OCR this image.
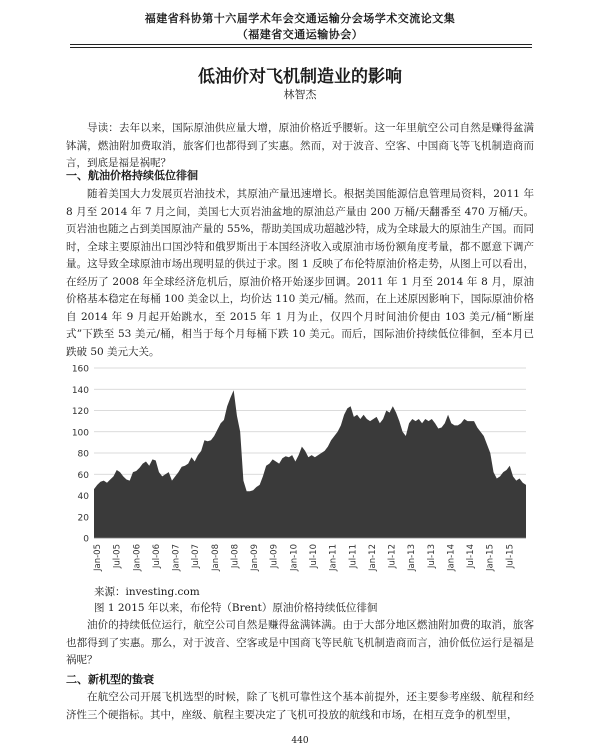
福建省科协第十六届学术年会交通运输分会场学术交流论文集
（福建省交通运输协会）
低油价对飞机制造业的影响
林智杰

导读：去年以来，国际原油供应量大增，原油价格近乎腰斩。这一年里航空公司自然是赚得盆满钵满，燃油附加费取消，旅客们也都得到了实惠。然而，对于波音、空客、中国商飞等飞机制造商而言，到底是福是祸呢？

一、航油价格持续低位徘徊

随着美国大力发展页岩油技术，其原油产量迅速增长。根据美国能源信息管理局资料，2011 年 8 月至 2014 年 7 月之间，美国七大页岩油盆地的原油总产量由 200 万桶/天翻番至 470 万桶/天。页岩油也随之占到美国原油产量的 55%，帮助美国成功超越沙特，成为全球最大的原油生产国。而同时，全球主要原油出口国沙特和俄罗斯出于本国经济收入或原油市场份额角度考量，都不愿意下调产量。这导致全球原油市场出现明显的供过于求。图 1 反映了布伦特原油价格走势，从图上可以看出，在经历了 2008 年全球经济危机后，原油价格开始逐步回调。2011 年 1 月至 2014 年 8 月，原油价格基本稳定在每桶 100 美金以上，均价达 110 美元/桶。然而，在上述原因影响下，国际原油价格自 2014 年 9 月起开始跳水，至 2015 年 1 月为止，仅四个月时间油价便由 103 美元/桶“断崖式”下跌至 53 美元/桶，相当于每个月每桶下跌 10 美元。而后，国际油价持续低位徘徊，至本月已跌破 50 美元大关。

0
20
40
60
80
100
120
140
160
Jan-05 Jul-05 Jan-06 Jul-06 Jan-07 Jul-07 Jan-08 Jul-08 Jan-09 Jul-09 Jan-10 Jul-10 Jan-11 Jul-11 Jan-12 Jul-12 Jan-13 Jul-13 Jan-14 Jul-14 Jan-15 Jul-15
来源：investing.com
图 1 2015 年以来，布伦特（Brent）原油价格持续低位徘徊

油价的持续低位运行，航空公司自然是赚得盆满钵满。由于大部分地区燃油附加费的取消，旅客也都得到了实惠。那么，对于波音、空客或是中国商飞等民航飞机制造商而言，油价低位运行是福是祸呢？

二、新机型的蛰衰

在航空公司开展飞机选型的时候，除了飞机可靠性这个基本前提外，还主要参考座级、航程和经济性三个硬指标。其中，座级、航程主要决定了飞机可投放的航线和市场，在相互竞争的机型里，

440
